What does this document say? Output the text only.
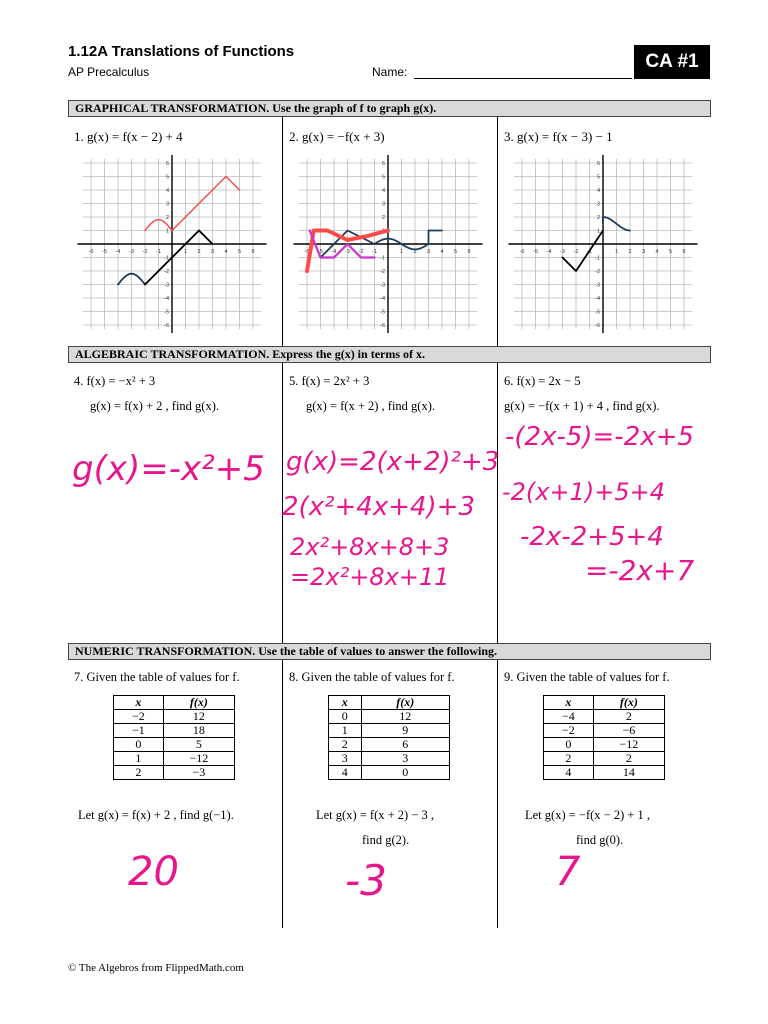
1.12A Translations of Functions
AP Precalculus	Name:	CA #1
GRAPHICAL TRANSFORMATION. Use the graph of f to graph g(x).
ALGEBRAIC TRANSFORMATION. Express the g(x) in terms of x.
NUMERIC TRANSFORMATION. Use the table of values to answer the following.
1. g(x) = f(x − 2) + 4	2. g(x) = −f(x + 3)	3. g(x) = f(x − 3) − 1
-6
-6
-5
-5
-4
-4
-3
-3
-2
-2
-1
-1
1
1
2
2
3
3
4
4
5
5
6
6
-6
-6
-5
-5
-4
-4
-3
-3
-2
-2
-1
-1
1
1
2
2
3
3
4
4
5
5
6
6
-6
-6
-5
-5
-4
-4
-3
-3
-2
-2
-1
-1
1
1
2
2
3
3
4
4
5
5
6
6
4. f(x) = −x² + 3
g(x) = f(x) + 2 , find g(x).
5. f(x) = 2x² + 3
g(x) = f(x + 2) , find g(x).
6. f(x) = 2x − 5
g(x) = −f(x + 1) + 4 , find g(x).
7. Given the table of values for f.	8. Given the table of values for f.	9. Given the table of values for f.
x	f(x)
−2	12
−1	18
0	5
1	−12
2	−3
x	f(x)
0	12
1	9
2	6
3	3
4	0
x	f(x)
−4	2
−2	−6
0	−12
2	2
4	14
Let g(x) = f(x) + 2 , find g(−1).	Let g(x) = f(x + 2) − 3 ,
find g(2).
Let g(x) = −f(x − 2) + 1 ,
find g(0).
g(x)=-x²+5 g(x)=2(x+2)²+3
2(x²+4x+4)+3
2x²+8x+8+3
=2x²+8x+11
-(2x-5)=-2x+5
-2(x+1)+5+4
-2x-2+5+4
=-2x+7
20	-3	7
© The Algebros from FlippedMath.com
